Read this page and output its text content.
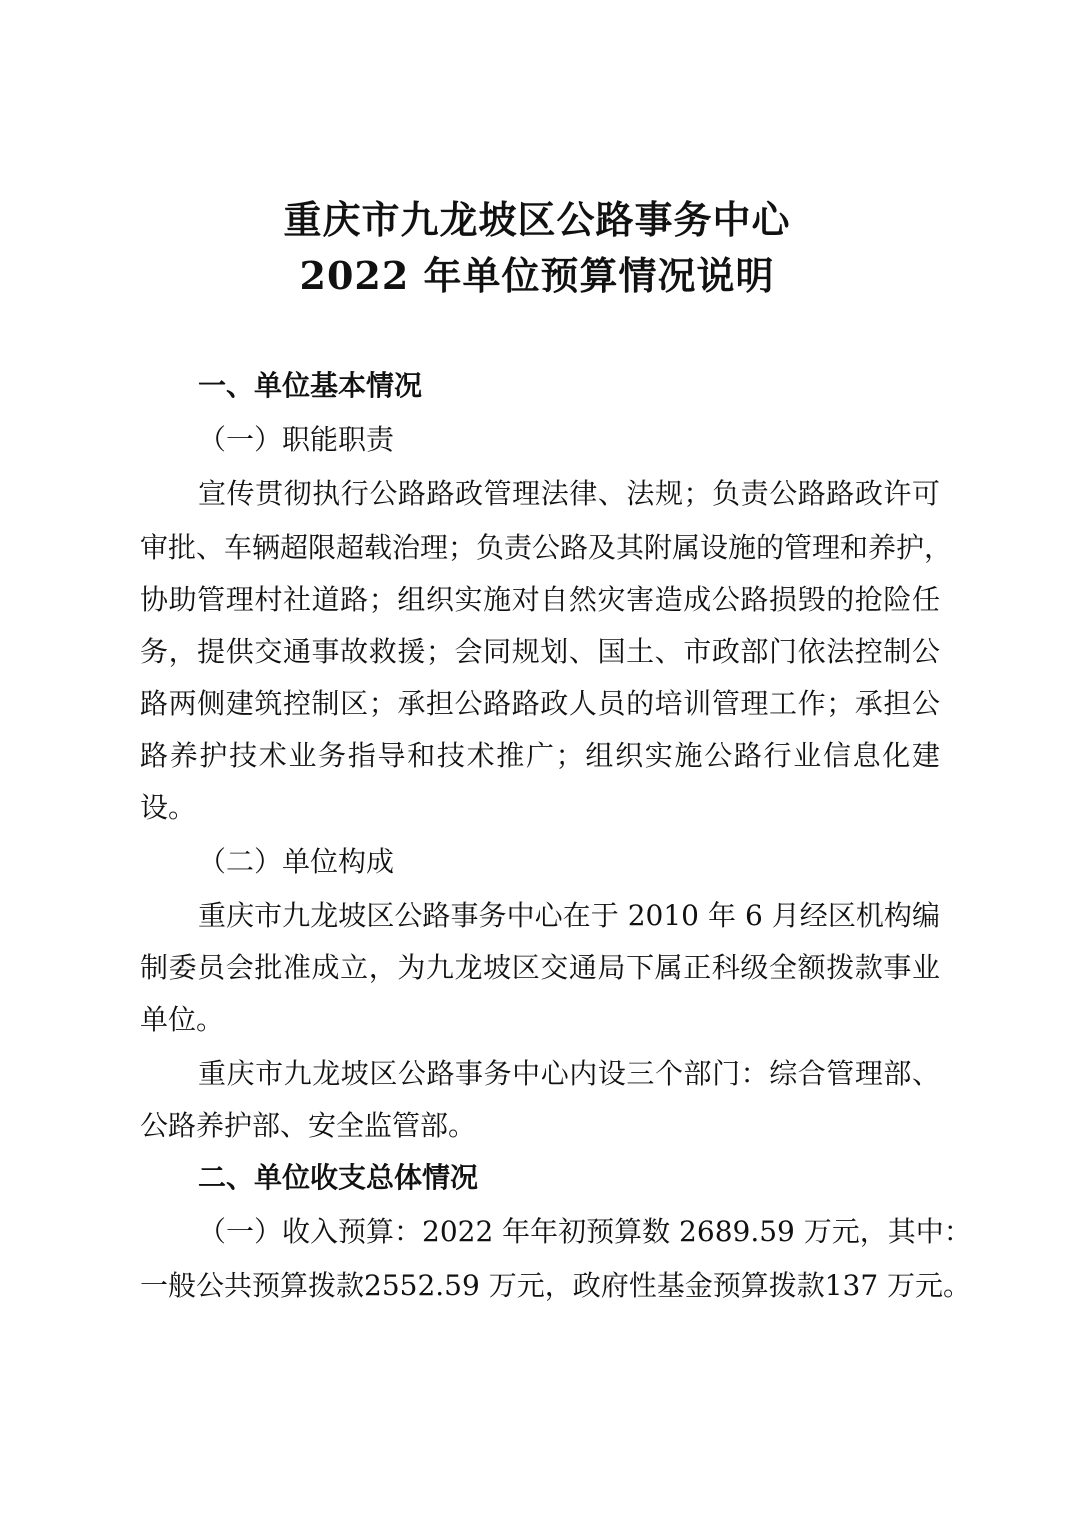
重庆市九龙坡区公路事务中心
2022 年单位预算情况说明
一、单位基本情况
（一）职能职责
宣传贯彻执行公路路政管理法律、法规；负责公路路政许可
审批、车辆超限超载治理；负责公路及其附属设施的管理和养护，
协助管理村社道路；组织实施对自然灾害造成公路损毁的抢险任
务，提供交通事故救援；会同规划、国土、市政部门依法控制公
路两侧建筑控制区；承担公路路政人员的培训管理工作；承担公
路养护技术业务指导和技术推广；组织实施公路行业信息化建
设。
（二）单位构成
重庆市九龙坡区公路事务中心在于 2010 年 6 月经区机构编
制委员会批准成立，为九龙坡区交通局下属正科级全额拨款事业
单位。
重庆市九龙坡区公路事务中心内设三个部门：综合管理部、
公路养护部、安全监管部。
二、单位收支总体情况
（一）收入预算：2022 年年初预算数 2689.59 万元，其中：
一般公共预算拨款2552.59 万元，政府性基金预算拨款137 万元。
